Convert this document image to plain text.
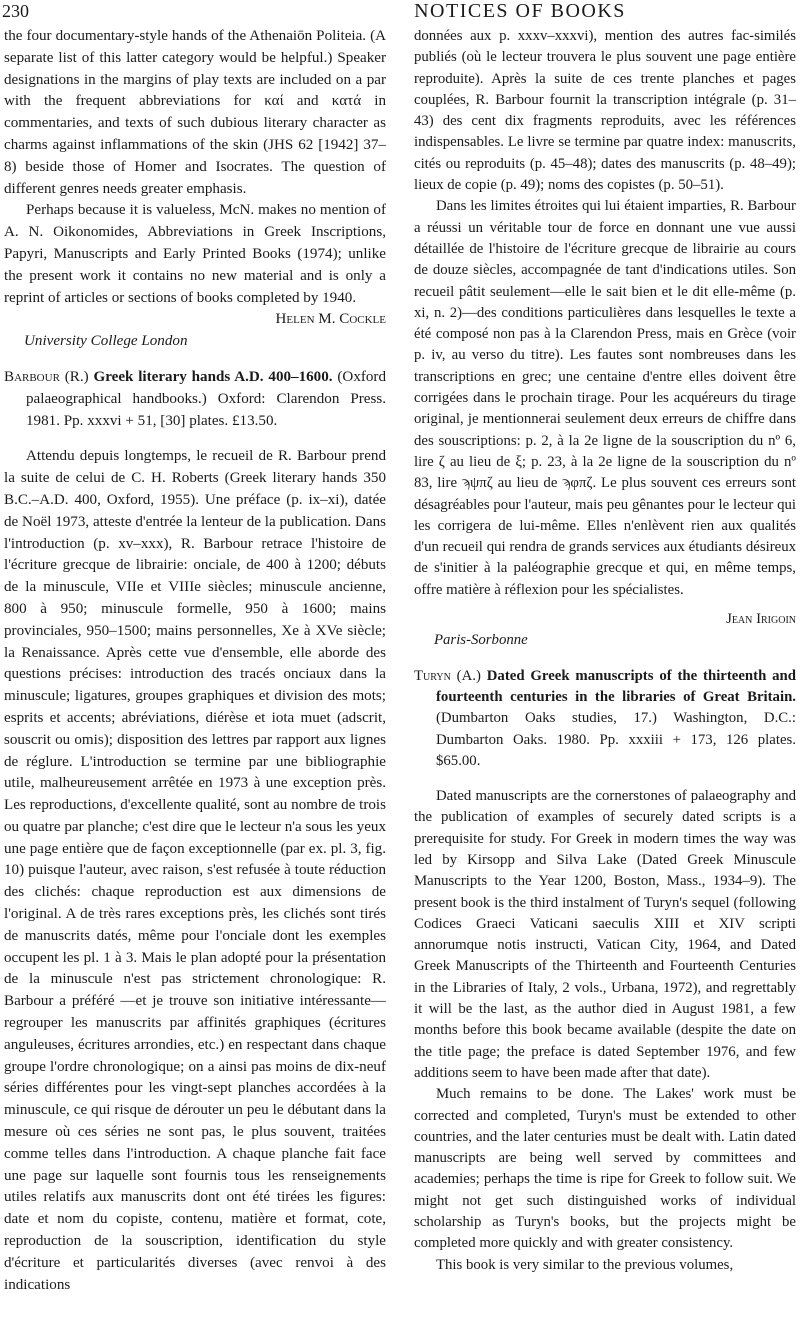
230	NOTICES OF BOOKS

the four documentary-style hands of the Athenaiōn Politeia. (A separate list of this latter category would be helpful.) Speaker designations in the margins of play texts are included on a par with the frequent abbreviations for καί and κατά in commentaries, and texts of such dubious literary character as charms against inflammations of the skin (JHS 62 [1942] 37–8) beside those of Homer and Isocrates. The question of different genres needs greater emphasis.

Perhaps because it is valueless, McN. makes no mention of A. N. Oikonomides, Abbreviations in Greek Inscriptions, Papyri, Manuscripts and Early Printed Books (1974); unlike the present work it contains no new material and is only a reprint of articles or sections of books completed by 1940.

Helen M. Cockle

University College London

Barbour (R.) Greek literary hands A.D. 400–1600. (Oxford palaeographical handbooks.) Oxford: Clarendon Press. 1981. Pp. xxxvi + 51, [30] plates. £13.50.

Attendu depuis longtemps, le recueil de R. Barbour prend la suite de celui de C. H. Roberts (Greek literary hands 350 B.C.–A.D. 400, Oxford, 1955). Une préface (p. ix–xi), datée de Noël 1973, atteste d'entrée la lenteur de la publication. Dans l'introduction (p. xv–xxx), R. Barbour retrace l'histoire de l'écriture grecque de librairie: onciale, de 400 à 1200; débuts de la minuscule, VIIe et VIIIe siècles; minuscule ancienne, 800 à 950; minuscule formelle, 950 à 1600; mains provinciales, 950–1500; mains personnelles, Xe à XVe siècle; la Renaissance. Après cette vue d'ensemble, elle aborde des questions précises: introduction des tracés onciaux dans la minuscule; ligatures, groupes graphiques et division des mots; esprits et accents; abréviations, diérèse et iota muet (adscrit, souscrit ou omis); disposition des lettres par rapport aux lignes de réglure. L'introduction se termine par une bibliographie utile, malheureusement arrêtée en 1973 à une exception près. Les reproductions, d'excellente qualité, sont au nombre de trois ou quatre par planche; c'est dire que le lecteur n'a sous les yeux une page entière que de façon exceptionnelle (par ex. pl. 3, fig. 10) puisque l'auteur, avec raison, s'est refusée à toute réduction des clichés: chaque reproduction est aux dimensions de l'original. A de très rares exceptions près, les clichés sont tirés de manuscrits datés, même pour l'onciale dont les exemples occupent les pl. 1 à 3. Mais le plan adopté pour la présentation de la minuscule n'est pas strictement chronologique: R. Barbour a préféré —et je trouve son initiative intéressante—regrouper les manuscrits par affinités graphiques (écritures anguleuses, écritures arrondies, etc.) en respectant dans chaque groupe l'ordre chronologique; on a ainsi pas moins de dix-neuf séries différentes pour les vingt-sept planches accordées à la minuscule, ce qui risque de dérouter un peu le débutant dans la mesure où ces séries ne sont pas, le plus souvent, traitées comme telles dans l'introduction. A chaque planche fait face une page sur laquelle sont fournis tous les renseignements utiles relatifs aux manuscrits dont ont été tirées les figures: date et nom du copiste, contenu, matière et format, cote, reproduction de la souscription, identification du style d'écriture et particularités diverses (avec renvoi à des indications

données aux p. xxxv–xxxvi), mention des autres fac-similés publiés (où le lecteur trouvera le plus souvent une page entière reproduite). Après la suite de ces trente planches et pages couplées, R. Barbour fournit la transcription intégrale (p. 31–43) des cent dix fragments reproduits, avec les références indispensables. Le livre se termine par quatre index: manuscrits, cités ou reproduits (p. 45–48); dates des manuscrits (p. 48–49); lieux de copie (p. 49); noms des copistes (p. 50–51).

Dans les limites étroites qui lui étaient imparties, R. Barbour a réussi un véritable tour de force en donnant une vue aussi détaillée de l'histoire de l'écriture grecque de librairie au cours de douze siècles, accompagnée de tant d'indications utiles. Son recueil pâtit seulement—elle le sait bien et le dit elle-même (p. xi, n. 2)—des conditions particulières dans lesquelles le texte a été composé non pas à la Clarendon Press, mais en Grèce (voir p. iv, au verso du titre). Les fautes sont nombreuses dans les transcriptions en grec; une centaine d'entre elles doivent être corrigées dans le prochain tirage. Pour les acquéreurs du tirage original, je mentionnerai seulement deux erreurs de chiffre dans des souscriptions: p. 2, à la 2e ligne de la souscription du nº 6, lire ζ au lieu de ξ; p. 23, à la 2e ligne de la souscription du nº 83, lire ϡψπζ au lieu de ϡφπζ. Le plus souvent ces erreurs sont désagréables pour l'auteur, mais peu gênantes pour le lecteur qui les corrigera de lui-même. Elles n'enlèvent rien aux qualités d'un recueil qui rendra de grands services aux étudiants désireux de s'initier à la paléographie grecque et qui, en même temps, offre matière à réflexion pour les spécialistes.

Jean Irigoin

Paris-Sorbonne

Turyn (A.) Dated Greek manuscripts of the thirteenth and fourteenth centuries in the libraries of Great Britain. (Dumbarton Oaks studies, 17.) Washington, D.C.: Dumbarton Oaks. 1980. Pp. xxxiii + 173, 126 plates. $65.00.

Dated manuscripts are the cornerstones of palaeography and the publication of examples of securely dated scripts is a prerequisite for study. For Greek in modern times the way was led by Kirsopp and Silva Lake (Dated Greek Minuscule Manuscripts to the Year 1200, Boston, Mass., 1934–9). The present book is the third instalment of Turyn's sequel (following Codices Graeci Vaticani saeculis XIII et XIV scripti annorumque notis instructi, Vatican City, 1964, and Dated Greek Manuscripts of the Thirteenth and Fourteenth Centuries in the Libraries of Italy, 2 vols., Urbana, 1972), and regrettably it will be the last, as the author died in August 1981, a few months before this book became available (despite the date on the title page; the preface is dated September 1976, and few additions seem to have been made after that date).

Much remains to be done. The Lakes' work must be corrected and completed, Turyn's must be extended to other countries, and the later centuries must be dealt with. Latin dated manuscripts are being well served by committees and academies; perhaps the time is ripe for Greek to follow suit. We might not get such distinguished works of individual scholarship as Turyn's books, but the projects might be completed more quickly and with greater consistency.

This book is very similar to the previous volumes,
